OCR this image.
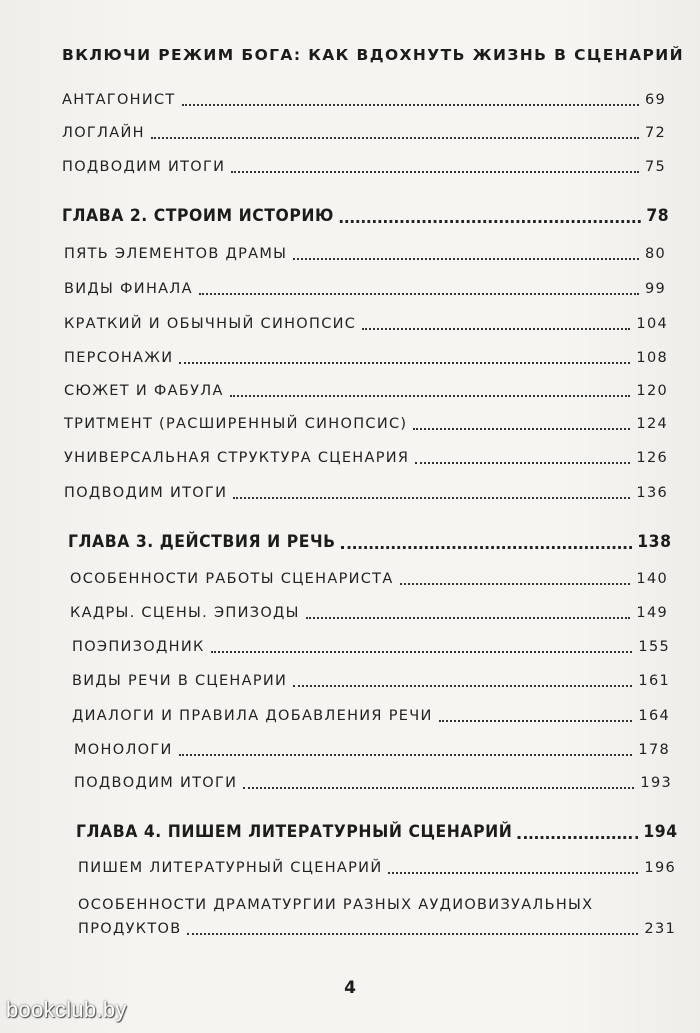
ВКЛЮЧИ РЕЖИМ БОГА: КАК ВДОХНУТЬ ЖИЗНЬ В СЦЕНАРИЙ
АНТАГОНИСТ	69
ЛОГЛАЙН	72
ПОДВОДИМ ИТОГИ	75
ГЛАВА 2. СТРОИМ ИСТОРИЮ	78
ПЯТЬ ЭЛЕМЕНТОВ ДРАМЫ	80
ВИДЫ ФИНАЛА	99
КРАТКИЙ И ОБЫЧНЫЙ СИНОПСИС	104
ПЕРСОНАЖИ	108
СЮЖЕТ И ФАБУЛА	120
ТРИТМЕНТ (РАСШИРЕННЫЙ СИНОПСИС)	124
УНИВЕРСАЛЬНАЯ СТРУКТУРА СЦЕНАРИЯ	126
ПОДВОДИМ ИТОГИ	136
ГЛАВА 3. ДЕЙСТВИЯ И РЕЧЬ	138
ОСОБЕННОСТИ РАБОТЫ СЦЕНАРИСТА	140
КАДРЫ. СЦЕНЫ. ЭПИЗОДЫ	149
ПОЭПИЗОДНИК	155
ВИДЫ РЕЧИ В СЦЕНАРИИ	161
ДИАЛОГИ И ПРАВИЛА ДОБАВЛЕНИЯ РЕЧИ	164
МОНОЛОГИ	178
ПОДВОДИМ ИТОГИ	193
ГЛАВА 4. ПИШЕМ ЛИТЕРАТУРНЫЙ СЦЕНАРИЙ	194
ПИШЕМ ЛИТЕРАТУРНЫЙ СЦЕНАРИЙ	196
ОСОБЕННОСТИ ДРАМАТУРГИИ РАЗНЫХ АУДИОВИЗУАЛЬНЫХ
ПРОДУКТОВ	231
4
bookclub.by
